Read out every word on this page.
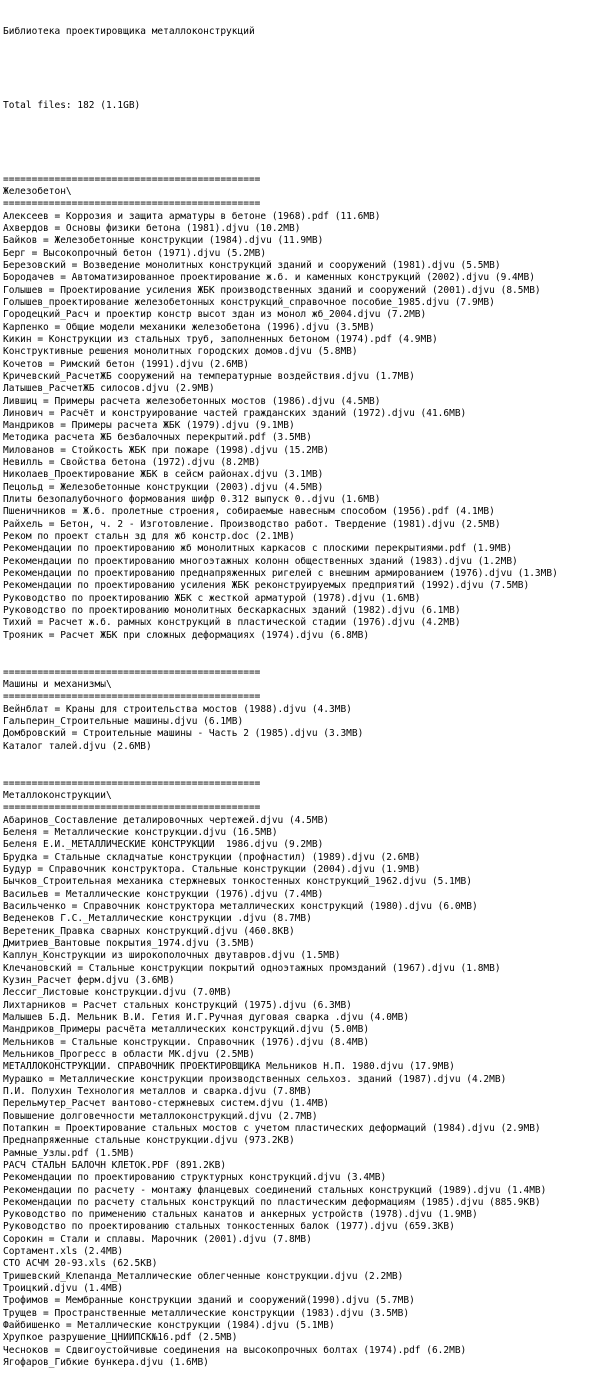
Библиотека проектировщика металлоконструкций

Total files: 182 (1.1GB)

=============================================
Железобетон\
=============================================
Алексеев = Коррозия и защита арматуры в бетоне (1968).pdf (11.6MB)
Ахвердов = Основы физики бетона (1981).djvu (10.2MB)
Байков = Железобетонные конструкции (1984).djvu (11.9MB)
Берг = Высокопрочный бетон (1971).djvu (5.2MB)
Березовский = Возведение монолитных конструкций зданий и сооружений (1981).djvu (5.5MB)
Бородачев = Автоматизированное проектирование ж.б. и каменных конструкций (2002).djvu (9.4MB)
Голышев = Проектирование усиления ЖБК производственных зданий и сооружений (2001).djvu (8.5MB)
Голышев_проектирование железобетонных конструкций_справочное пособие_1985.djvu (7.9MB)
Городецкий_Расч и проектир констр высот здан из монол жб_2004.djvu (7.2MB)
Карпенко = Общие модели механики железобетона (1996).djvu (3.5MB)
Кикин = Конструкции из стальных труб, заполненных бетоном (1974).pdf (4.9MB)
Конструктивные решения монолитных городских домов.djvu (5.8MB)
Кочетов = Римский бетон (1991).djvu (2.6MB)
Кричевский_РасчетЖБ сооружений на температурные воздействия.djvu (1.7MB)
Латышев_РасчетЖБ силосов.djvu (2.9MB)
Лившиц = Примеры расчета железобетонных мостов (1986).djvu (4.5MB)
Линович = Расчёт и конструирование частей гражданских зданий (1972).djvu (41.6MB)
Мандриков = Примеры расчета ЖБК (1979).djvu (9.1MB)
Методика расчета ЖБ безбалочных перекрытий.pdf (3.5MB)
Милованов = Стойкость ЖБК при пожаре (1998).djvu (15.2MB)
Невилль = Свойства бетона (1972).djvu (8.2MB)
Николаев_Проектирование ЖБК в сейсм районах.djvu (3.1MB)
Пецольд = Железобетонные конструкции (2003).djvu (4.5MB)
Плиты безопалубочного формования шифр 0.312 выпуск 0..djvu (1.6MB)
Пшеничников = Ж.б. пролетные строения, собираемые навесным способом (1956).pdf (4.1MB)
Райхель = Бетон, ч. 2 - Изготовление. Производство работ. Твердение (1981).djvu (2.5MB)
Реком по проект стальн зд для жб констр.doc (2.1MB)
Рекомендации по проектированию жб монолитных каркасов с плоскими перекрытиями.pdf (1.9MB)
Рекомендации по проектированию многоэтажных колонн общественных зданий (1983).djvu (1.2MB)
Рекомендации по проектированию преднапряженных ригелей с внешним армированием (1976).djvu (1.3MB)
Рекомендации по проектированию усиления ЖБК реконструируемых предприятий (1992).djvu (7.5MB)
Руководство по проектированию ЖБК с жесткой арматурой (1978).djvu (1.6MB)
Руководство по проектированию монолитных бескаркасных зданий (1982).djvu (6.1MB)
Тихий = Расчет ж.б. рамных конструкций в пластической стадии (1976).djvu (4.2MB)
Трояник = Расчет ЖБК при сложных деформациях (1974).djvu (6.8MB)
=============================================
Машины и механизмы\
=============================================
Вейнблат = Краны для строительства мостов (1988).djvu (4.3MB)
Гальперин_Строительные машины.djvu (6.1MB)
Домбровский = Строительные машины - Часть 2 (1985).djvu (3.3MB)
Каталог талей.djvu (2.6MB)
=============================================
Металлоконструкции\
=============================================
Абаринов_Составление деталировочных чертежей.djvu (4.5MB)
Беленя = Металлические конструкции.djvu (16.5MB)
Беленя Е.И._МЕТАЛЛИЧЕСКИЕ КОНСТРУКЦИИ  1986.djvu (9.2MB)
Брудка = Стальные складчатые конструкции (профнастил) (1989).djvu (2.6MB)
Будур = Справочник конструктора. Стальные конструкции (2004).djvu (1.9MB)
Бычков_Строительная механика стержневых тонкостенных конструкций_1962.djvu (5.1MB)
Васильев = Металлические конструкции (1976).djvu (7.4MB)
Васильченко = Справочник конструктора металлических конструкций (1980).djvu (6.0MB)
Веденеков Г.С._Металлические конструкции .djvu (8.7MB)
Веретеник_Правка сварных конструкций.djvu (460.8KB)
Дмитриев_Вантовые покрытия_1974.djvu (3.5MB)
Каплун_Конструкции из широкополочных двутавров.djvu (1.5MB)
Клечановский = Стальные конструкции покрытий одноэтажных промзданий (1967).djvu (1.8MB)
Кузин_Расчет ферм.djvu (3.6MB)
Лессиг_Листовые конструкции.djvu (7.0MB)
Лихтарников = Расчет стальных конструкций (1975).djvu (6.3MB)
Малышев Б.Д. Мельник В.И. Гетия И.Г.Ручная дуговая сварка .djvu (4.0MB)
Мандриков_Примеры расчёта металлических конструкций.djvu (5.0MB)
Мельников = Стальные конструкции. Справочник (1976).djvu (8.4MB)
Мельников_Прогресс в области МК.djvu (2.5MB)
МЕТАЛЛОКОНСТРУКЦИИ. СПРАВОЧНИК ПРОЕКТИРОВЩИКА Мельников Н.П. 1980.djvu (17.9MB)
Мурашко = Металлические конструкции производственных сельхоз. зданий (1987).djvu (4.2MB)
П.И. Полухин Технология металлов и сварка.djvu (7.8MB)
Перельмутер_Расчет вантово-стержневых систем.djvu (1.4MB)
Повышение долговечности металлоконструкций.djvu (2.7MB)
Потапкин = Проектирование стальных мостов с учетом пластических деформаций (1984).djvu (2.9MB)
Преднапряженные стальные конструкции.djvu (973.2KB)
Рамные_Узлы.pdf (1.5MB)
РАСЧ СТАЛЬН БАЛОЧН КЛЕТОК.PDF (891.2KB)
Рекомендации по проектированию структурных конструкций.djvu (3.4MB)
Рекомендации по расчету - монтажу фланцевых соединений стальных конструкций (1989).djvu (1.4MB)
Рекомендации по расчету стальных конструкций по пластическим деформациям (1985).djvu (885.9KB)
Руководство по применению стальных канатов и анкерных устройств (1978).djvu (1.9MB)
Руководство по проектированию стальных тонкостенных балок (1977).djvu (659.3KB)
Сорокин = Стали и сплавы. Марочник (2001).djvu (7.8MB)
Сортамент.xls (2.4MB)
СТО АСЧМ 20-93.xls (62.5KB)
Тришевский_Клепанда_Металлические облегченные конструкции.djvu (2.2MB)
Троицкий.djvu (1.4MB)
Трофимов = Мембранные конструкции зданий и сооружений(1990).djvu (5.7MB)
Трущев = Пространственные металлические конструкции (1983).djvu (3.5MB)
Файбишенко = Металлические конструкции (1984).djvu (5.1MB)
Хрупкое разрушение_ЦНИИПСК№16.pdf (2.5MB)
Чесноков = Сдвигоустойчивые соединения на высокопрочных болтах (1974).pdf (6.2MB)
Ягофаров_Гибкие бункера.djvu (1.6MB)
